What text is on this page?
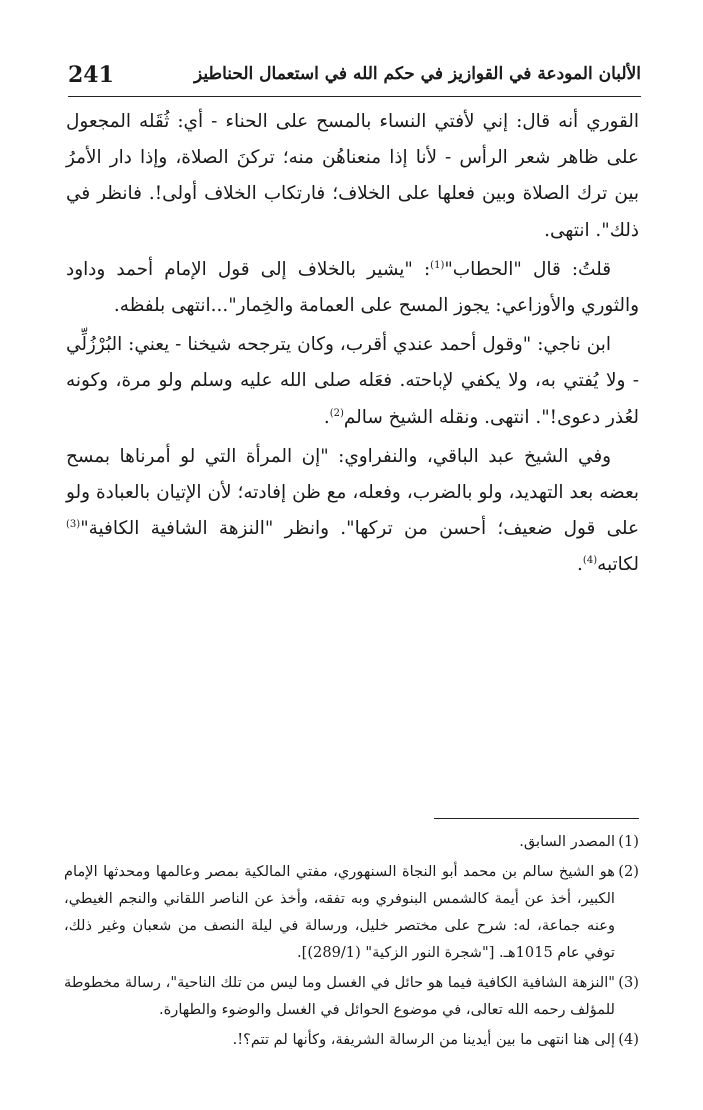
241	الألبان المودعة في القوازيز في حكم الله في استعمال الحناطيز

القوري أنه قال: إني لأفتي النساء بالمسح على الحناء - أي: ثُقَله المجعول على ظاهر شعر الرأس - لأنا إذا منعناهُن منه؛ تركنَ الصلاة، وإذا دار الأمرُ بين ترك الصلاة وبين فعلها على الخلاف؛ فارتكاب الخلاف أولى!. فانظر في ذلك". انتهى.

قلتُ: قال "الحطاب"$^{(1)}$: "يشير بالخلاف إلى قول الإمام أحمد وداود والثوري والأوزاعي: يجوز المسح على العمامة والخِمار"...انتهى بلفظه.

ابن ناجي: "وقول أحمد عندي أقرب، وكان يترجحه شيخنا - يعني: البُرْزُلِّي - ولا يُفتي به، ولا يكفي لإباحته. فعَله صلى الله عليه وسلم ولو مرة، وكونه لعُذر دعوى!". انتهى. ونقله الشيخ سالم$^{(2)}$.

وفي الشيخ عبد الباقي، والنفراوي: "إن المرأة التي لو أمرناها بمسح بعضه بعد التهديد، ولو بالضرب، وفعله، مع ظن إفادته؛ لأن الإتيان بالعبادة ولو على قول ضعيف؛ أحسن من تركها". وانظر "النزهة الشافية الكافية"$^{(3)}$ لكاتبه$^{(4)}$.

(1)
المصدر السابق.

(2)
هو الشيخ سالم بن محمد أبو النجاة السنهوري، مفتي المالكية بمصر وعالمها ومحدثها الإمام الكبير، أخذ عن أيمة كالشمس البنوفري وبه تفقه، وأخذ عن الناصر اللقاني والنجم الغيطي، وعنه جماعة، له: شرح على مختصر خليل، ورسالة في ليلة النصف من شعبان وغير ذلك، توفي عام 1015هـ. ["شجرة النور الزكية" (289/1)].

(3)
"النزهة الشافية الكافية فيما هو حائل في الغسل وما ليس من تلك الناحية"، رسالة مخطوطة للمؤلف رحمه الله تعالى، في موضوع الحوائل في الغسل والوضوء والطهارة.

(4)
إلى هنا انتهى ما بين أيدينا من الرسالة الشريفة، وكأنها لم تتم؟!.
